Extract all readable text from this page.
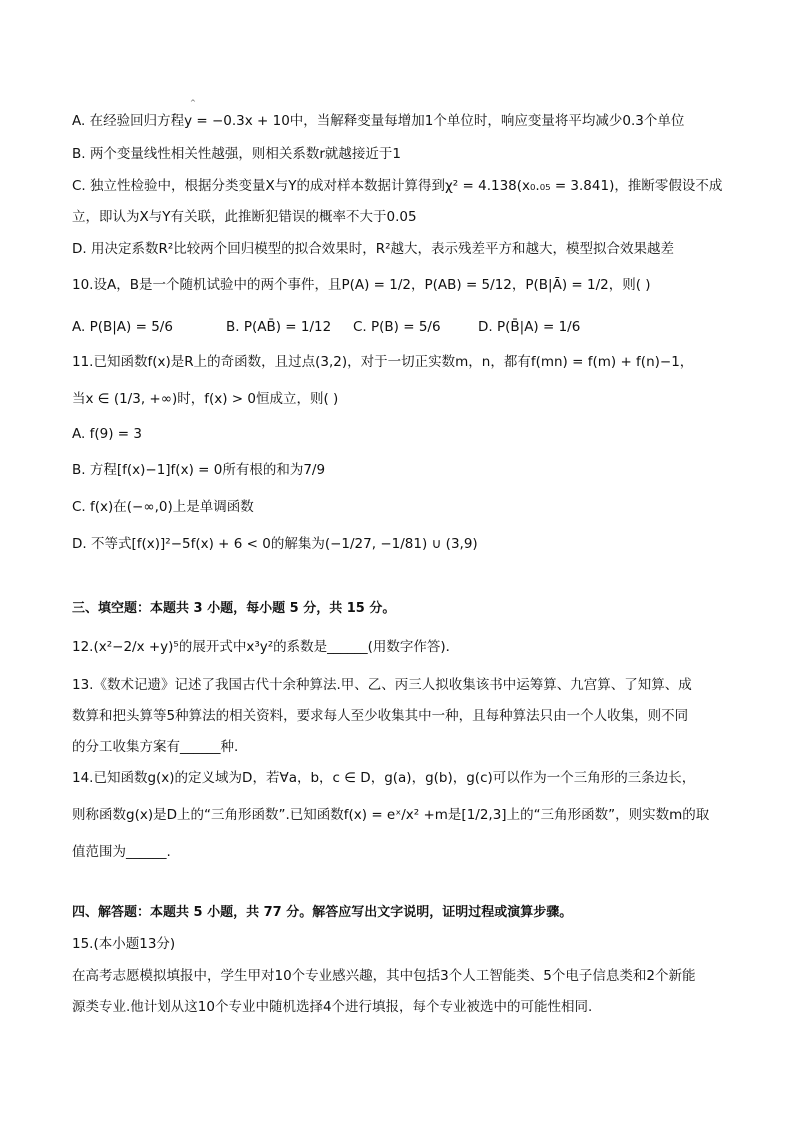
^
A. 在经验回归方程y = −0.3x + 10中，当解释变量每增加1个单位时，响应变量将平均减少0.3个单位
B. 两个变量线性相关性越强，则相关系数r就越接近于1
C. 独立性检验中，根据分类变量X与Y的成对样本数据计算得到χ² = 4.138(x₀.₀₅ = 3.841)，推断零假设不成
立，即认为X与Y有关联，此推断犯错误的概率不大于0.05
D. 用决定系数R²比较两个回归模型的拟合效果时，R²越大，表示残差平方和越大，模型拟合效果越差
10.设A，B是一个随机试验中的两个事件，且P(A) = 1/2，P(AB) = 5/12，P(B|Ā) = 1/2，则( )
A. P(B|A) = 5/6	B. P(AB̄) = 1/12 C. P(B) = 5/6	D. P(B̄|A) = 1/6
11.已知函数f(x)是R上的奇函数，且过点(3,2)，对于一切正实数m，n，都有f(mn) = f(m) + f(n)−1，
当x ∈ (1/3, +∞)时，f(x) > 0恒成立，则( )
A. f(9) = 3
B. 方程[f(x)−1]f(x) = 0所有根的和为7/9
C. f(x)在(−∞,0)上是单调函数
D. 不等式[f(x)]²−5f(x) + 6 < 0的解集为(−1/27, −1/81) ∪ (3,9)
三、填空题：本题共 3 小题，每小题 5 分，共 15 分。
12.(x²−2/x +y)⁵的展开式中x³y²的系数是______(用数字作答)．
13.《数术记遗》记述了我国古代十余种算法.甲、乙、丙三人拟收集该书中运筹算、九宫算、了知算、成
数算和把头算等5种算法的相关资料，要求每人至少收集其中一种，且每种算法只由一个人收集，则不同
的分工收集方案有______种.
14.已知函数g(x)的定义域为D，若∀a，b，c ∈ D，g(a)，g(b)，g(c)可以作为一个三角形的三条边长，
则称函数g(x)是D上的“三角形函数”.已知函数f(x) = eˣ/x² +m是[1/2,3]上的“三角形函数”，则实数m的取
值范围为______.
四、解答题：本题共 5 小题，共 77 分。解答应写出文字说明，证明过程或演算步骤。
15.(本小题13分)
在高考志愿模拟填报中，学生甲对10个专业感兴趣，其中包括3个人工智能类、5个电子信息类和2个新能
源类专业.他计划从这10个专业中随机选择4个进行填报，每个专业被选中的可能性相同.
